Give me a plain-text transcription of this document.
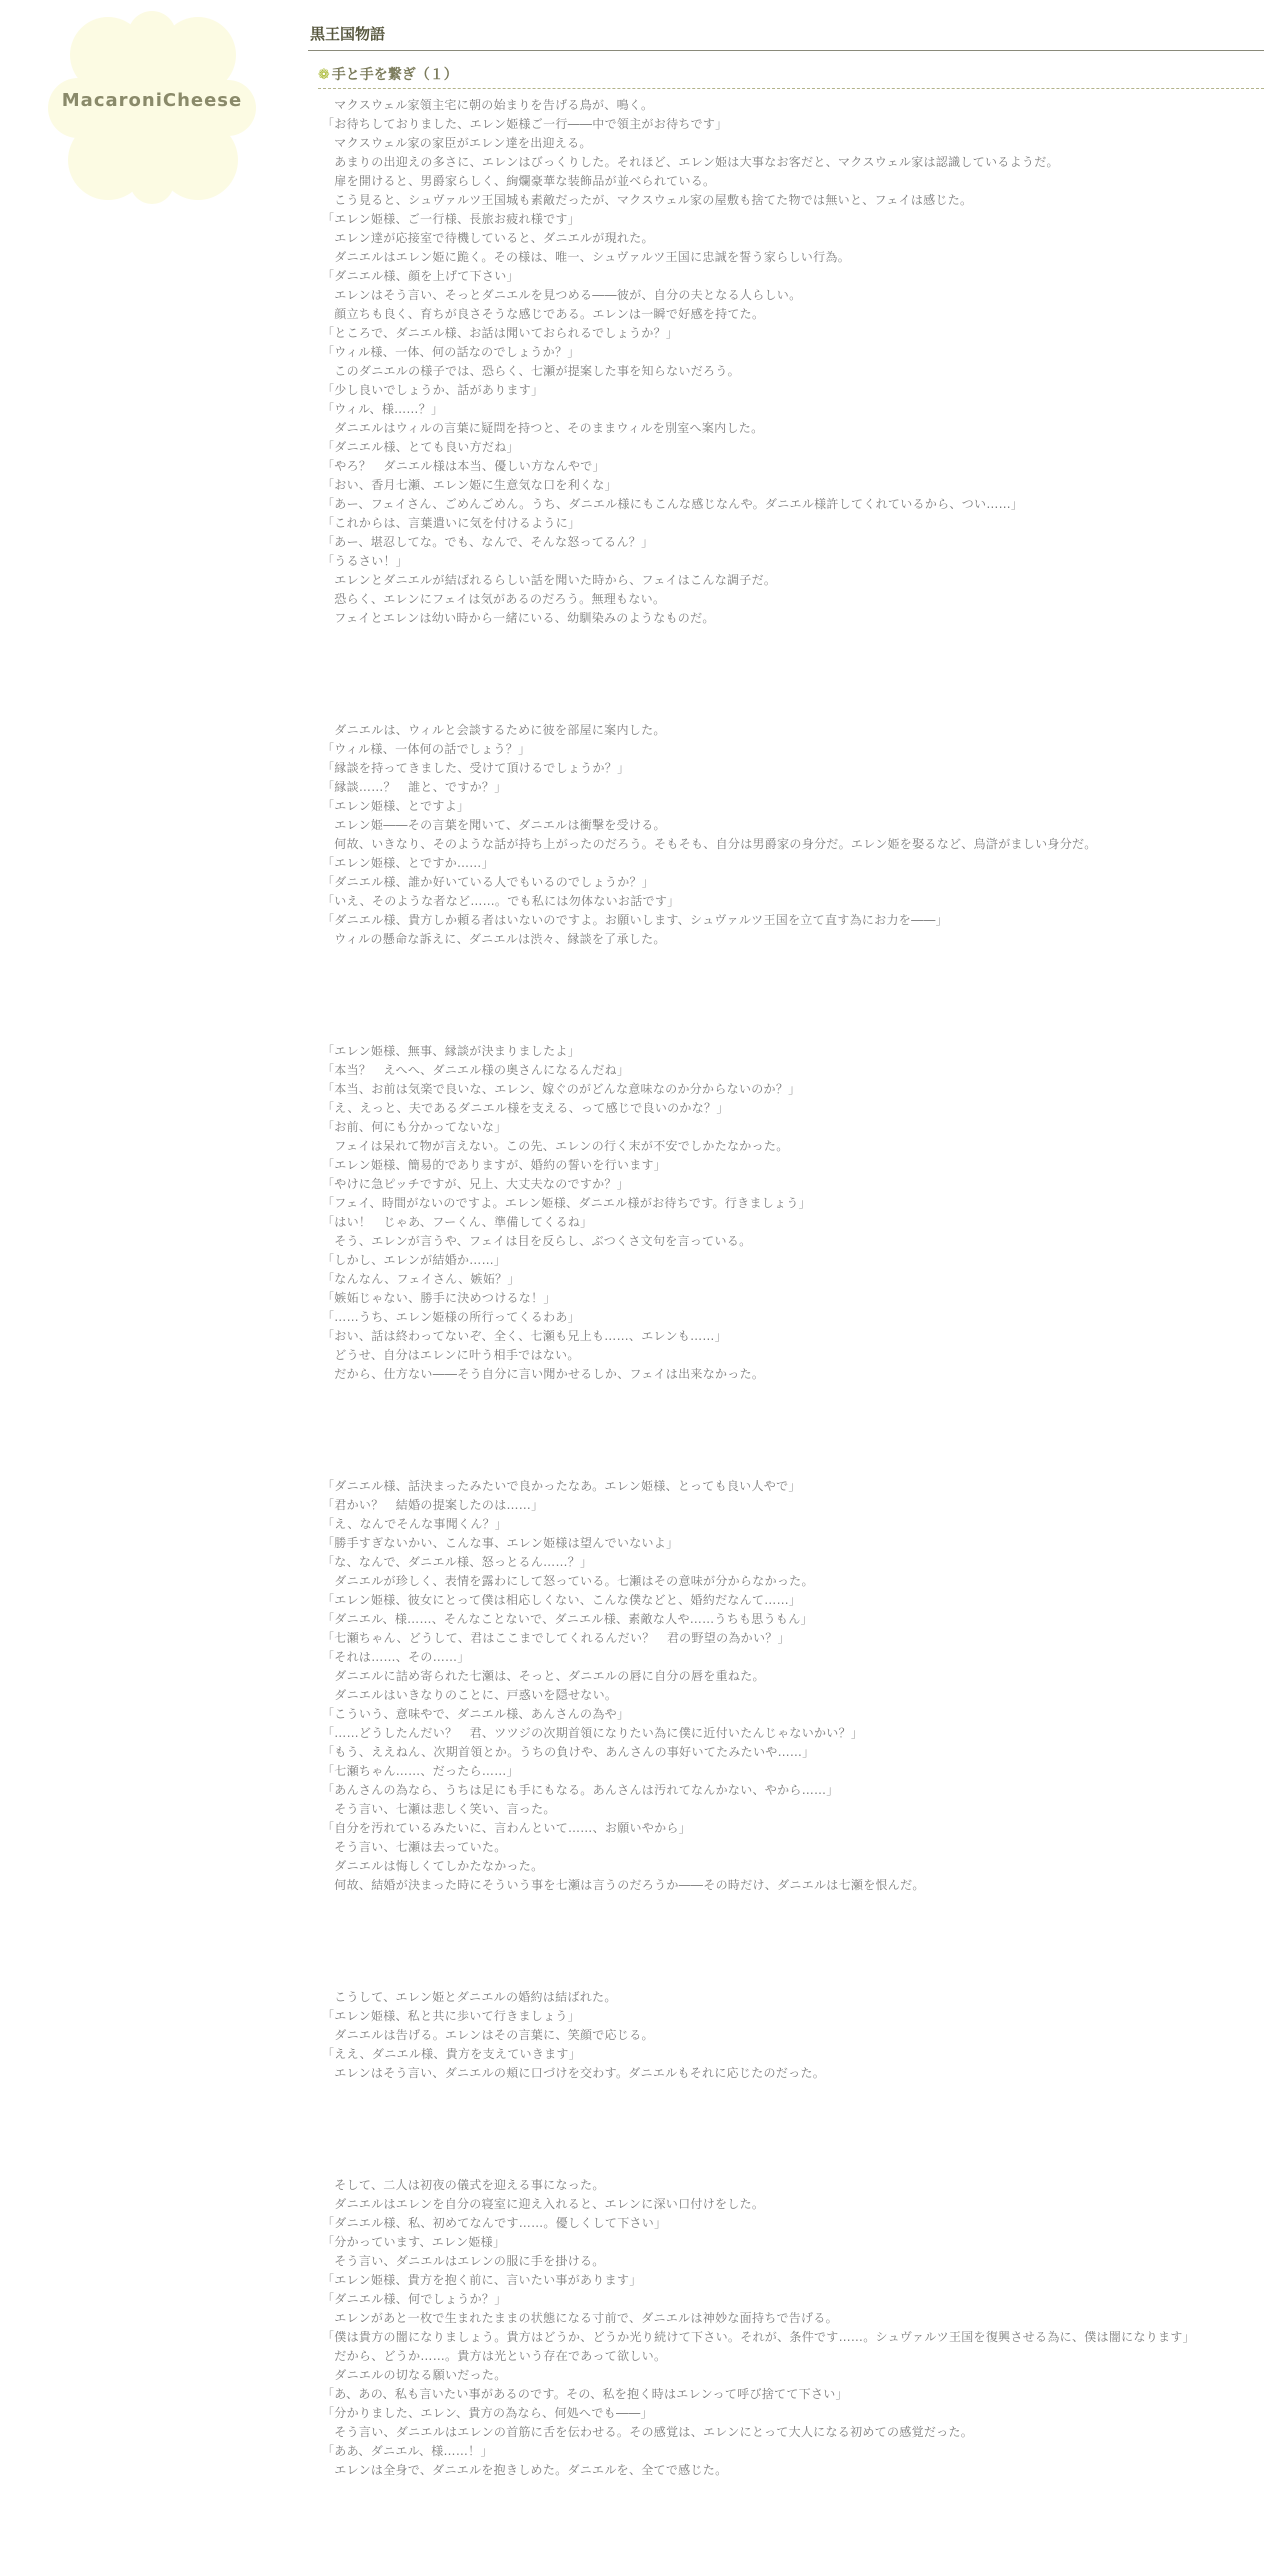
MacaroniCheese
黒王国物語
❁ 手と手を繋ぎ（１）

　マクスウェル家領主宅に朝の始まりを告げる鳥が、鳴く。

「お待ちしておりました、エレン姫様ご一行――中で領主がお待ちです」

　マクスウェル家の家臣がエレン達を出迎える。

　あまりの出迎えの多さに、エレンはびっくりした。それほど、エレン姫は大事なお客だと、マクスウェル家は認識しているようだ。

　扉を開けると、男爵家らしく、絢爛豪華な装飾品が並べられている。

　こう見ると、シュヴァルツ王国城も素敵だったが、マクスウェル家の屋敷も捨てた物では無いと、フェイは感じた。

「エレン姫様、ご一行様、長旅お疲れ様です」

　エレン達が応接室で待機していると、ダニエルが現れた。

　ダニエルはエレン姫に跪く。その様は、唯一、シュヴァルツ王国に忠誠を誓う家らしい行為。

「ダニエル様、顔を上げて下さい」

　エレンはそう言い、そっとダニエルを見つめる――彼が、自分の夫となる人らしい。

　顔立ちも良く、育ちが良さそうな感じである。エレンは一瞬で好感を持てた。

「ところで、ダニエル様、お話は聞いておられるでしょうか？」

「ウィル様、一体、何の話なのでしょうか？」

　このダニエルの様子では、恐らく、七瀬が提案した事を知らないだろう。

「少し良いでしょうか、話があります」

「ウィル、様……？」

　ダニエルはウィルの言葉に疑問を持つと、そのままウィルを別室へ案内した。

「ダニエル様、とても良い方だね」

「やろ？　ダニエル様は本当、優しい方なんやで」

「おい、香月七瀬、エレン姫に生意気な口を利くな」

「あー、フェイさん、ごめんごめん。うち、ダニエル様にもこんな感じなんや。ダニエル様許してくれているから、つい……」

「これからは、言葉遣いに気を付けるように」

「あー、堪忍してな。でも、なんで、そんな怒ってるん？」

「うるさい！」

　エレンとダニエルが結ばれるらしい話を聞いた時から、フェイはこんな調子だ。

　恐らく、エレンにフェイは気があるのだろう。無理もない。

　フェイとエレンは幼い時から一緒にいる、幼馴染みのようなものだ。

　ダニエルは、ウィルと会談するために彼を部屋に案内した。

「ウィル様、一体何の話でしょう？」

「縁談を持ってきました、受けて頂けるでしょうか？」

「縁談……？　誰と、ですか？」

「エレン姫様、とですよ」

　エレン姫――その言葉を聞いて、ダニエルは衝撃を受ける。

　何故、いきなり、そのような話が持ち上がったのだろう。そもそも、自分は男爵家の身分だ。エレン姫を娶るなど、烏滸がましい身分だ。

「エレン姫様、とですか……」

「ダニエル様、誰か好いている人でもいるのでしょうか？」

「いえ、そのような者など……。でも私には勿体ないお話です」

「ダニエル様、貴方しか頼る者はいないのですよ。お願いします、シュヴァルツ王国を立て直す為にお力を――」

　ウィルの懸命な訴えに、ダニエルは渋々、縁談を了承した。

「エレン姫様、無事、縁談が決まりましたよ」

「本当？　えへへ、ダニエル様の奥さんになるんだね」

「本当、お前は気楽で良いな、エレン、嫁ぐのがどんな意味なのか分からないのか？」

「え、えっと、夫であるダニエル様を支える、って感じで良いのかな？」

「お前、何にも分かってないな」

　フェイは呆れて物が言えない。この先、エレンの行く末が不安でしかたなかった。

「エレン姫様、簡易的でありますが、婚約の誓いを行います」

「やけに急ピッチですが、兄上、大丈夫なのですか？」

「フェイ、時間がないのですよ。エレン姫様、ダニエル様がお待ちです。行きましょう」

「はい！　じゃあ、フーくん、準備してくるね」

　そう、エレンが言うや、フェイは目を反らし、ぶつくさ文句を言っている。

「しかし、エレンが結婚か……」

「なんなん、フェイさん、嫉妬？」

「嫉妬じゃない、勝手に決めつけるな！」

「……うち、エレン姫様の所行ってくるわあ」

「おい、話は終わってないぞ、全く、七瀬も兄上も……、エレンも……」

　どうせ、自分はエレンに叶う相手ではない。

　だから、仕方ない――そう自分に言い聞かせるしか、フェイは出来なかった。

「ダニエル様、話決まったみたいで良かったなあ。エレン姫様、とっても良い人やで」

「君かい？　結婚の提案したのは……」

「え、なんでそんな事聞くん？」

「勝手すぎないかい、こんな事、エレン姫様は望んでいないよ」

「な、なんで、ダニエル様、怒っとるん……？」

　ダニエルが珍しく、表情を露わにして怒っている。七瀬はその意味が分からなかった。

「エレン姫様、彼女にとって僕は相応しくない、こんな僕などと、婚約だなんて……」

「ダニエル、様……、そんなことないで、ダニエル様、素敵な人や……うちも思うもん」

「七瀬ちゃん、どうして、君はここまでしてくれるんだい？　君の野望の為かい？」

「それは……、その……」

　ダニエルに詰め寄られた七瀬は、そっと、ダニエルの唇に自分の唇を重ねた。

　ダニエルはいきなりのことに、戸惑いを隠せない。

「こういう、意味やで、ダニエル様、あんさんの為や」

「……どうしたんだい？　君、ツツジの次期首領になりたい為に僕に近付いたんじゃないかい？」

「もう、ええねん、次期首領とか。うちの負けや、あんさんの事好いてたみたいや……」

「七瀬ちゃん……、だったら……」

「あんさんの為なら、うちは足にも手にもなる。あんさんは汚れてなんかない、やから……」

　そう言い、七瀬は悲しく笑い、言った。

「自分を汚れているみたいに、言わんといて……、お願いやから」

　そう言い、七瀬は去っていた。

　ダニエルは悔しくてしかたなかった。

　何故、結婚が決まった時にそういう事を七瀬は言うのだろうか――その時だけ、ダニエルは七瀬を恨んだ。

　こうして、エレン姫とダニエルの婚約は結ばれた。

「エレン姫様、私と共に歩いて行きましょう」

　ダニエルは告げる。エレンはその言葉に、笑顔で応じる。

「ええ、ダニエル様、貴方を支えていきます」

　エレンはそう言い、ダニエルの頬に口づけを交わす。ダニエルもそれに応じたのだった。

　そして、二人は初夜の儀式を迎える事になった。

　ダニエルはエレンを自分の寝室に迎え入れると、エレンに深い口付けをした。

「ダニエル様、私、初めてなんです……。優しくして下さい」

「分かっています、エレン姫様」

　そう言い、ダニエルはエレンの服に手を掛ける。

「エレン姫様、貴方を抱く前に、言いたい事があります」

「ダニエル様、何でしょうか？」

　エレンがあと一枚で生まれたままの状態になる寸前で、ダニエルは神妙な面持ちで告げる。

「僕は貴方の闇になりましょう。貴方はどうか、どうか光り続けて下さい。それが、条件です……。シュヴァルツ王国を復興させる為に、僕は闇になります」

　だから、どうか……。貴方は光という存在であって欲しい。

　ダニエルの切なる願いだった。

「あ、あの、私も言いたい事があるのです。その、私を抱く時はエレンって呼び捨てて下さい」

「分かりました、エレン、貴方の為なら、何処へでも――」

　そう言い、ダニエルはエレンの首筋に舌を伝わせる。その感覚は、エレンにとって大人になる初めての感覚だった。

「ああ、ダニエル、様……！」

　エレンは全身で、ダニエルを抱きしめた。ダニエルを、全てで感じた。
